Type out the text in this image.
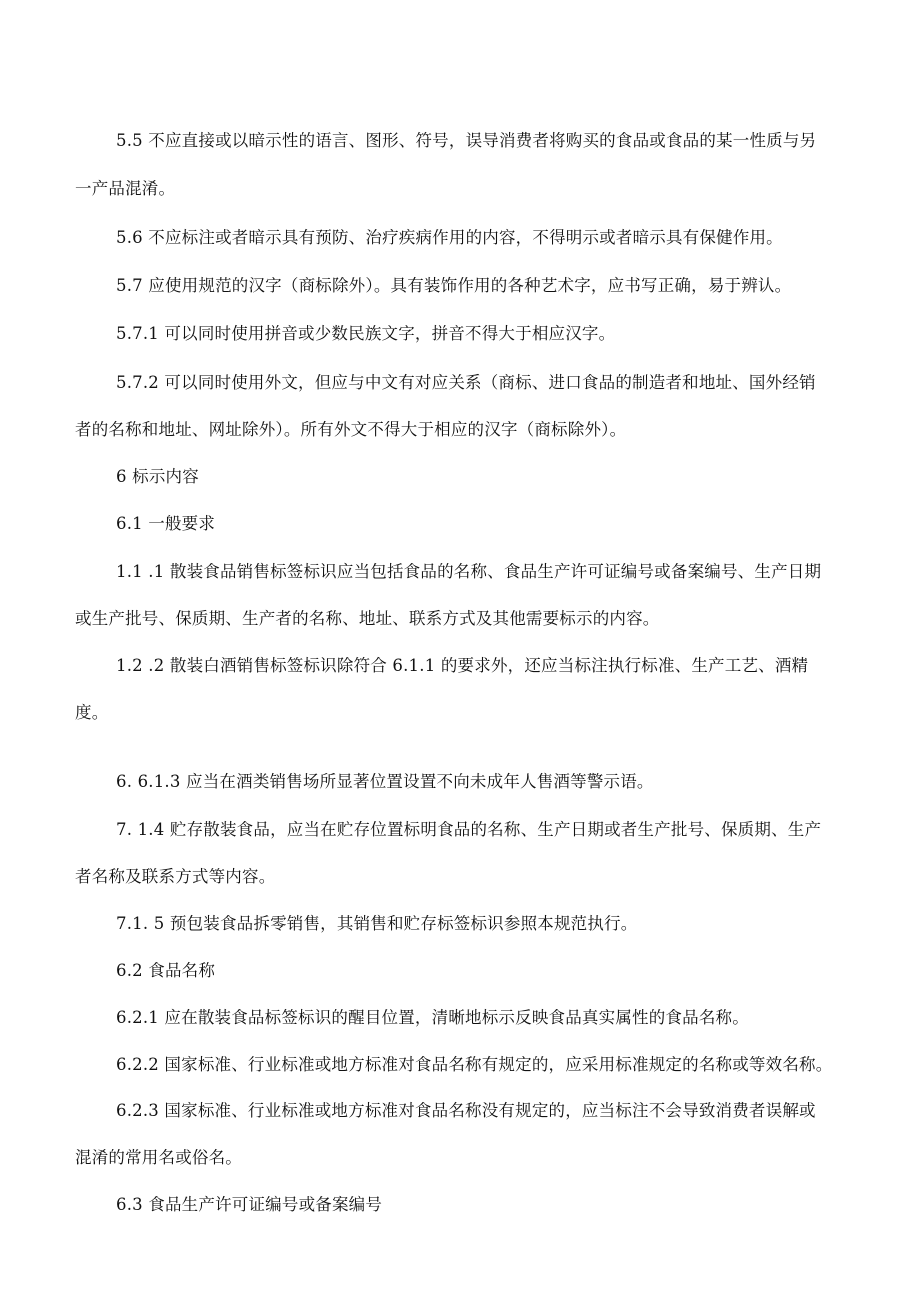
5.5 不应直接或以暗示性的语言、图形、符号，误导消费者将购买的食品或食品的某一性质与另
一产品混淆。
5.6 不应标注或者暗示具有预防、治疗疾病作用的内容，不得明示或者暗示具有保健作用。
5.7 应使用规范的汉字（商标除外）。具有装饰作用的各种艺术字，应书写正确，易于辨认。
5.7.1 可以同时使用拼音或少数民族文字，拼音不得大于相应汉字。
5.7.2 可以同时使用外文，但应与中文有对应关系（商标、进口食品的制造者和地址、国外经销
者的名称和地址、网址除外）。所有外文不得大于相应的汉字（商标除外）。
6 标示内容
6.1 一般要求
1.1 .1 散装食品销售标签标识应当包括食品的名称、食品生产许可证编号或备案编号、生产日期
或生产批号、保质期、生产者的名称、地址、联系方式及其他需要标示的内容。
1.2 .2 散装白酒销售标签标识除符合 6.1.1 的要求外，还应当标注执行标准、生产工艺、酒精
度。
6. 6.1.3 应当在酒类销售场所显著位置设置不向未成年人售酒等警示语。
7. 1.4 贮存散装食品，应当在贮存位置标明食品的名称、生产日期或者生产批号、保质期、生产
者名称及联系方式等内容。
7.1. 5 预包装食品拆零销售，其销售和贮存标签标识参照本规范执行。
6.2 食品名称
6.2.1 应在散装食品标签标识的醒目位置，清晰地标示反映食品真实属性的食品名称。
6.2.2 国家标准、行业标准或地方标准对食品名称有规定的，应采用标准规定的名称或等效名称。
6.2.3 国家标准、行业标准或地方标准对食品名称没有规定的，应当标注不会导致消费者误解或
混淆的常用名或俗名。
6.3 食品生产许可证编号或备案编号
